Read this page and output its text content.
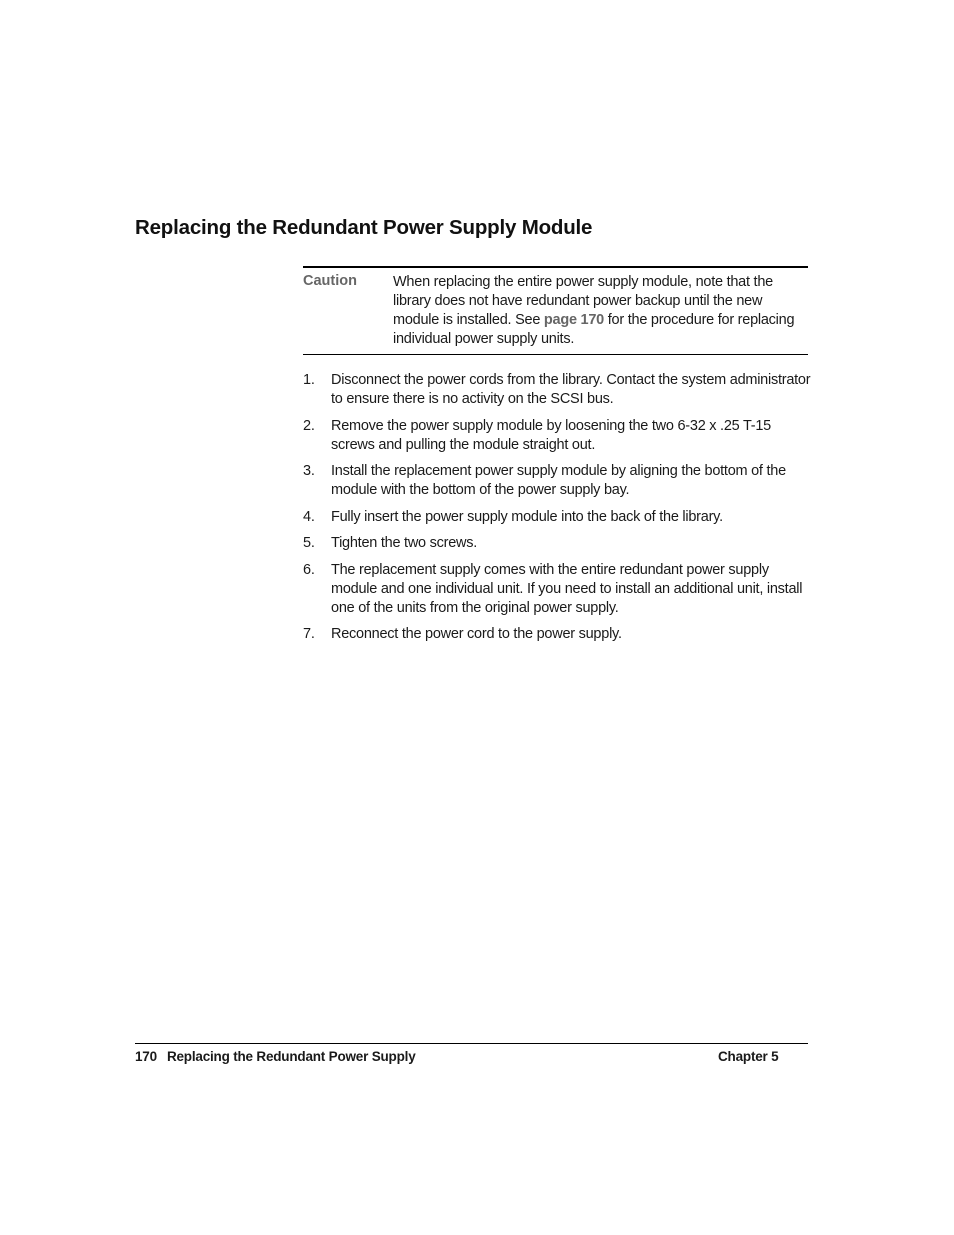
Replacing the Redundant Power Supply Module
Caution When replacing the entire power supply module, note that the library does not have redundant power backup until the new module is installed. See page 170 for the procedure for replacing individual power supply units.

1. Disconnect the power cords from the library. Contact the system administrator to ensure there is no activity on the SCSI bus.
2. Remove the power supply module by loosening the two 6-32 x .25 T-15 screws and pulling the module straight out.
3. Install the replacement power supply module by aligning the bottom of the module with the bottom of the power supply bay.
4. Fully insert the power supply module into the back of the library.
5. Tighten the two screws.
6. The replacement supply comes with the entire redundant power supply module and one individual unit. If you need to install an additional unit, install one of the units from the original power supply.
7. Reconnect the power cord to the power supply.
170 Replacing the Redundant Power Supply	Chapter 5
